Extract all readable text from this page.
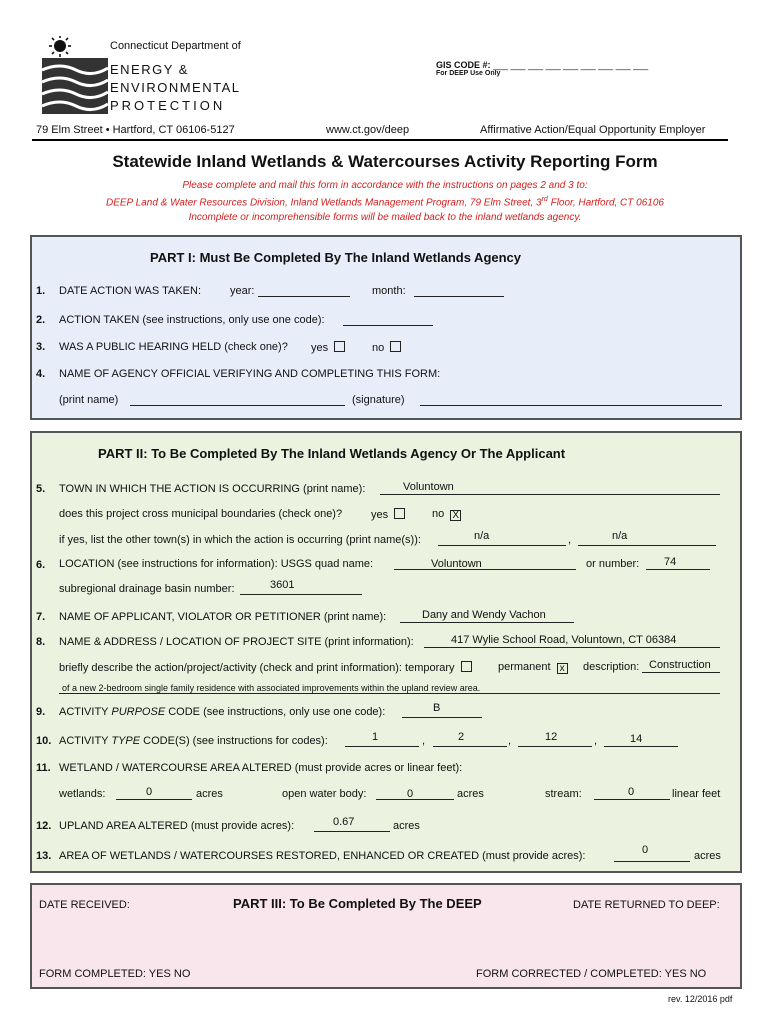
Connecticut Department of
ENERGY &
ENVIRONMENTAL
PROTECTION
GIS CODE #: ___ ___ ___ ___ ___ ___ ___ ___ ___
For DEEP Use Only
79 Elm Street • Hartford, CT 06106-5127	www.ct.gov/deep	Affirmative Action/Equal Opportunity Employer
Statewide Inland Wetlands & Watercourses Activity Reporting Form
Please complete and mail this form in accordance with the instructions on pages 2 and 3 to:
DEEP Land & Water Resources Division, Inland Wetlands Management Program, 79 Elm Street, 3rd Floor, Hartford, CT 06106
Incomplete or incomprehensible forms will be mailed back to the inland wetlands agency.
PART I: Must Be Completed By The Inland Wetlands Agency
1. DATE ACTION WAS TAKEN:	year:	month:
2. ACTION TAKEN (see instructions, only use one code):
3. WAS A PUBLIC HEARING HELD (check one)? yes	no
4. NAME OF AGENCY OFFICIAL VERIFYING AND COMPLETING THIS FORM:
(print name)	(signature)
PART II: To Be Completed By The Inland Wetlands Agency Or The Applicant
5. TOWN IN WHICH THE ACTION IS OCCURRING (print name):	Voluntown
does this project cross municipal boundaries (check one)?	yes	no X
if yes, list the other town(s) in which the action is occurring (print name(s)):	n/a	,	n/a
6. LOCATION (see instructions for information): USGS quad name:	Voluntown	or number: 74
subregional drainage basin number:	3601
7. NAME OF APPLICANT, VIOLATOR OR PETITIONER (print name):	Dany and Wendy Vachon
8. NAME & ADDRESS / LOCATION OF PROJECT SITE (print information):	417 Wylie School Road, Voluntown, CT 06384
briefly describe the action/project/activity (check and print information): temporary	permanent x description: Construction
of a new 2-bedroom single family residence with associated improvements within the upland review area.
9. ACTIVITY PURPOSE CODE (see instructions, only use one code):	B
10. ACTIVITY TYPE CODE(S) (see instructions for codes):	1	,	2	,	12	,	14
11. WETLAND / WATERCOURSE AREA ALTERED (must provide acres or linear feet):
wetlands:	0	acres	open water body:	0	acres	stream:	0	linear feet
12. UPLAND AREA ALTERED (must provide acres):	0.67	acres
13. AREA OF WETLANDS / WATERCOURSES RESTORED, ENHANCED OR CREATED (must provide acres):	0	acres
DATE RECEIVED:	PART III: To Be Completed By The DEEP	DATE RETURNED TO DEEP:
FORM COMPLETED: YES NO	FORM CORRECTED / COMPLETED: YES NO
rev. 12/2016 pdf
